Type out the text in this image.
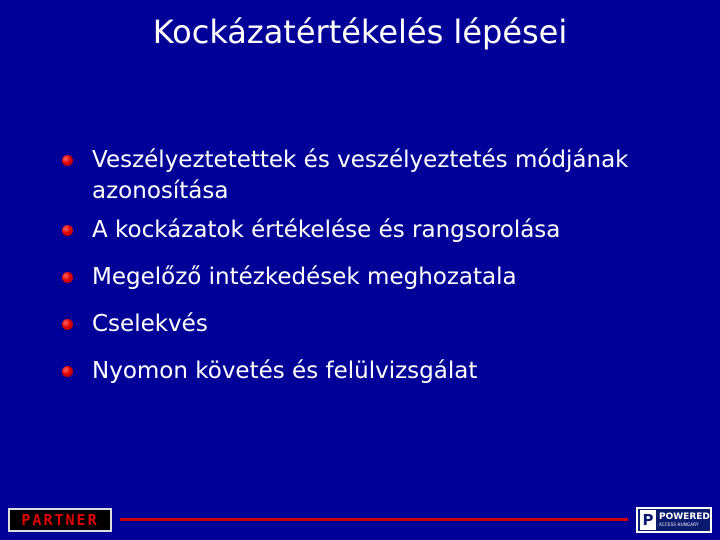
Kockázatértékelés lépései
Veszélyeztetettek és veszélyeztetés módjának azonosítása
A kockázatok értékelése és rangsorolása
Megelőző intézkedések meghozatala
Cselekvés
Nyomon követés és felülvizsgálat
PARTNER	P POWERED
ACCESS HUNGARY
